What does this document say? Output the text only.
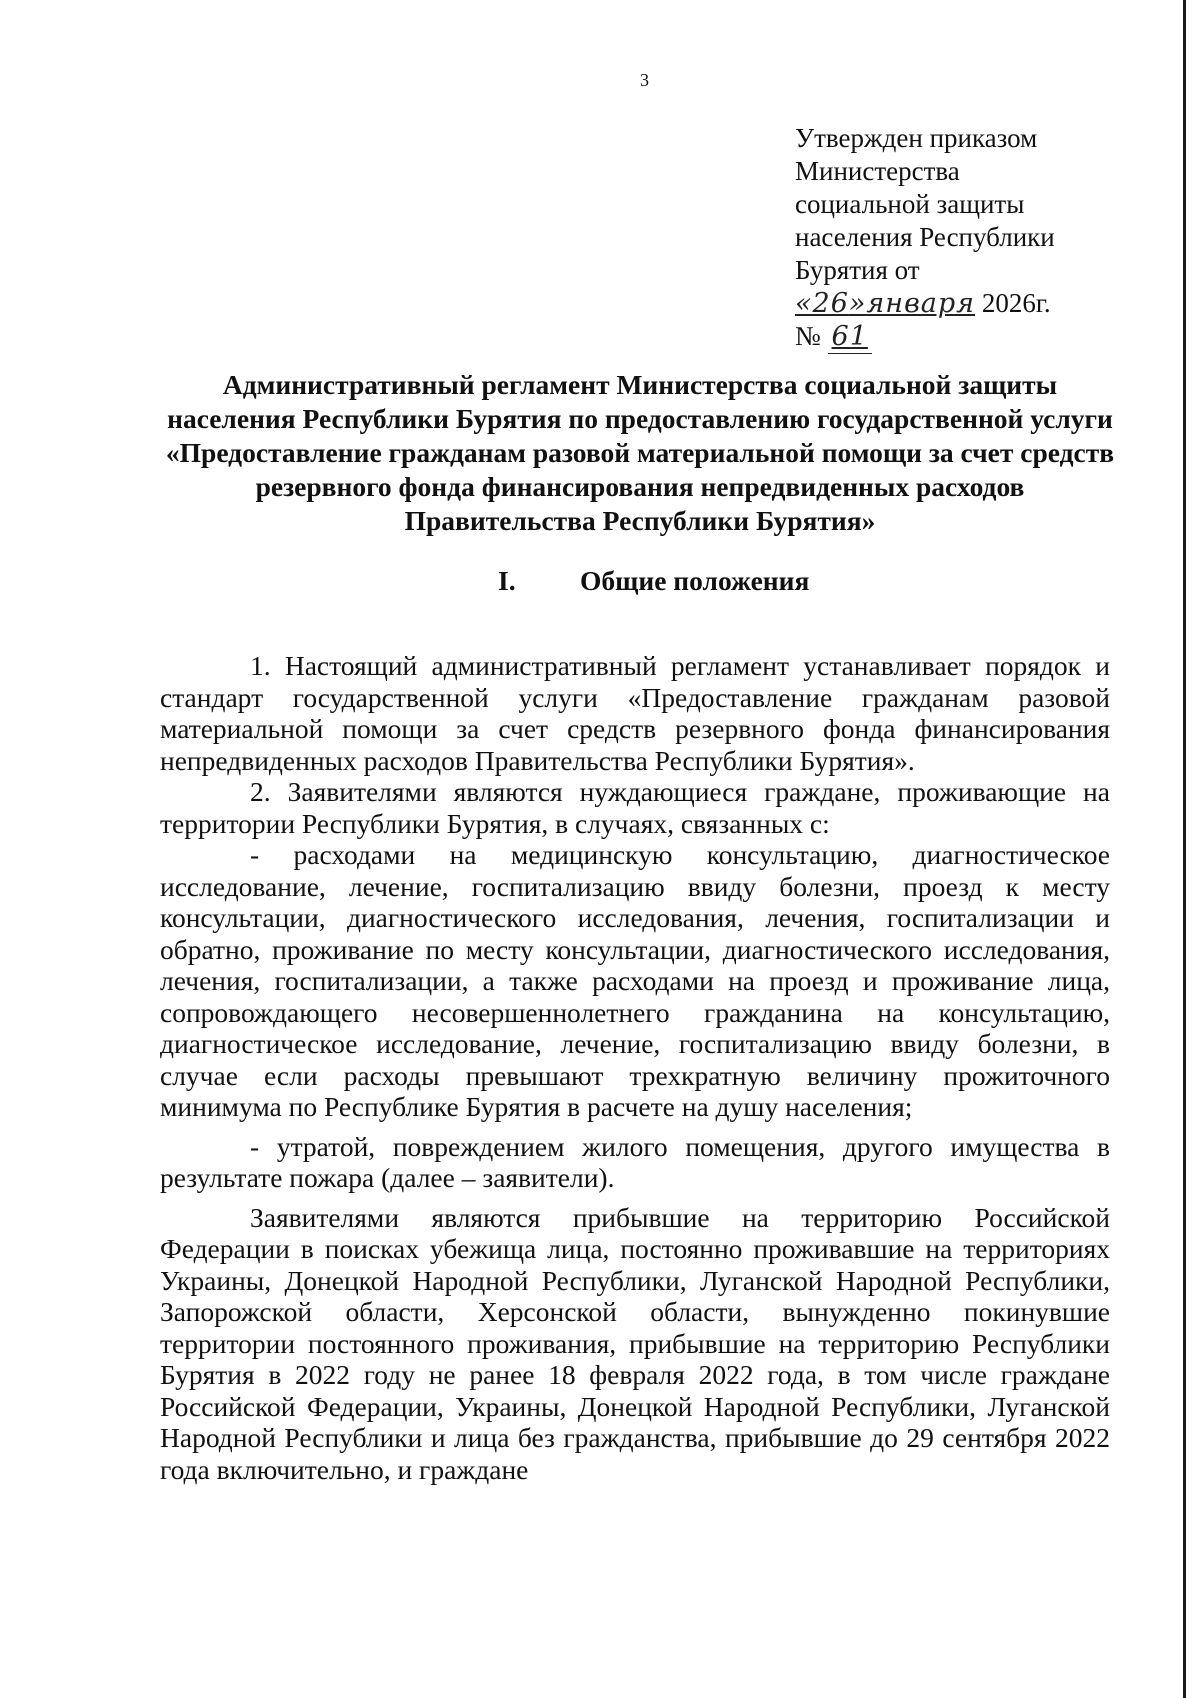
3
Утвержден приказом
Министерства
социальной защиты
населения Республики
Бурятия от
«26»января 2026г.
№ 61
Административный регламент Министерства социальной защиты населения Республики Бурятия по предоставлению государственной услуги «Предоставление гражданам разовой материальной помощи за счет средств резервного фонда финансирования непредвиденных расходов Правительства Республики Бурятия»
I. Общие положения

1. Настоящий административный регламент устанавливает порядок и стандарт государственной услуги «Предоставление гражданам разовой материальной помощи за счет средств резервного фонда финансирования непредвиденных расходов Правительства Республики Бурятия».

2. Заявителями являются нуждающиеся граждане, проживающие на территории Республики Бурятия, в случаях, связанных с:

- расходами на медицинскую консультацию, диагностическое исследование, лечение, госпитализацию ввиду болезни, проезд к месту консультации, диагностического исследования, лечения, госпитализации и обратно, проживание по месту консультации, диагностического исследования, лечения, госпитализации, а также расходами на проезд и проживание лица, сопровождающего несовершеннолетнего гражданина на консультацию, диагностическое исследование, лечение, госпитализацию ввиду болезни, в случае если расходы превышают трехкратную величину прожиточного минимума по Республике Бурятия в расчете на душу населения;

- утратой, повреждением жилого помещения, другого имущества в результате пожара (далее – заявители).

Заявителями являются прибывшие на территорию Российской Федерации в поисках убежища лица, постоянно проживавшие на территориях Украины, Донецкой Народной Республики, Луганской Народной Республики, Запорожской области, Херсонской области, вынужденно покинувшие территории постоянного проживания, прибывшие на территорию Республики Бурятия в 2022 году не ранее 18 февраля 2022 года, в том числе граждане Российской Федерации, Украины, Донецкой Народной Республики, Луганской Народной Республики и лица без гражданства, прибывшие до 29 сентября 2022 года включительно, и граждане
